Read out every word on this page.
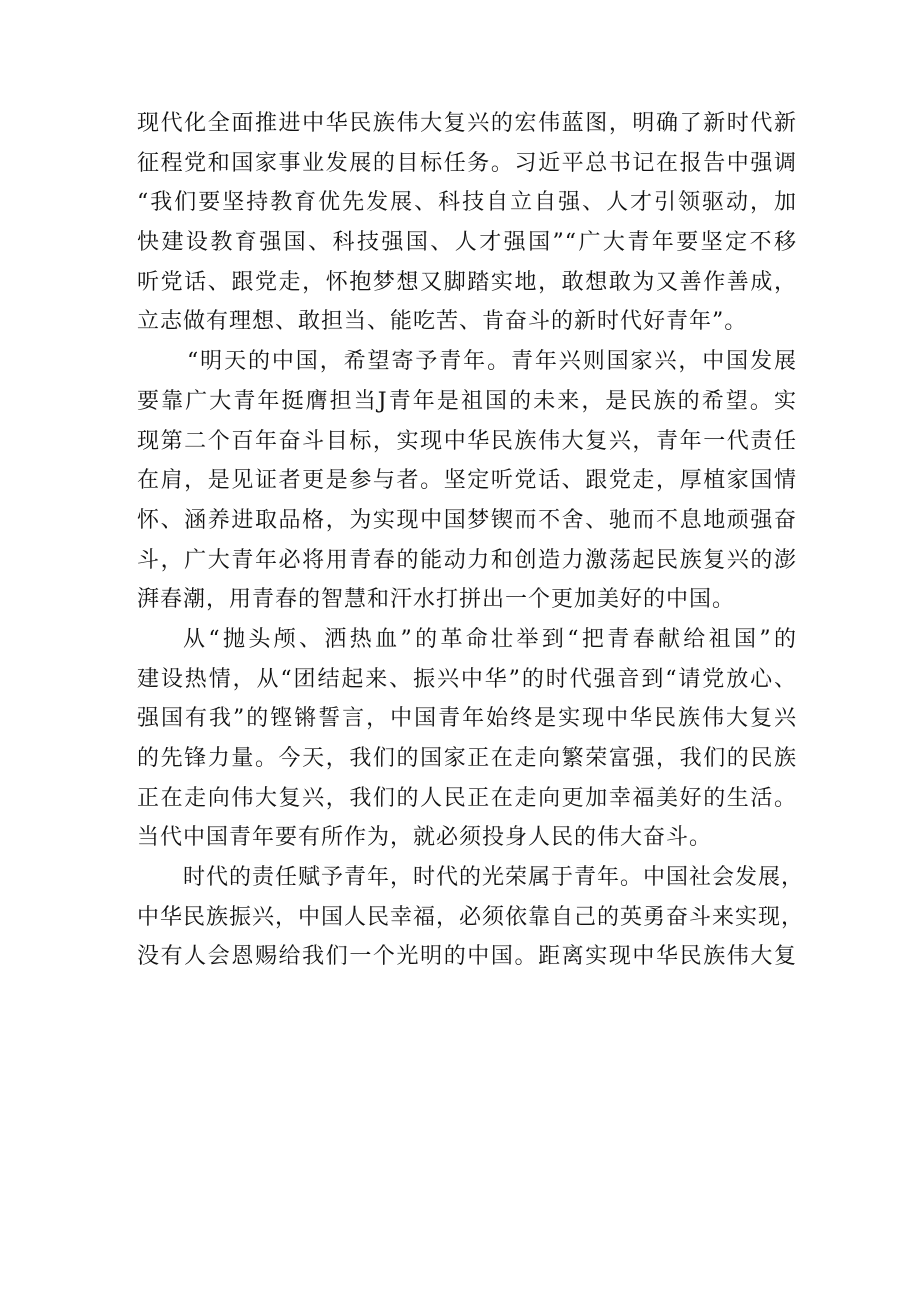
现代化全面推进中华民族伟大复兴的宏伟蓝图，明确了新时代新
征程党和国家事业发展的目标任务。习近平总书记在报告中强调
“我们要坚持教育优先发展、科技自立自强、人才引领驱动，加
快建设教育强国、科技强国、人才强国”“广大青年要坚定不移
听党话、跟党走，怀抱梦想又脚踏实地，敢想敢为又善作善成，
立志做有理想、敢担当、能吃苦、肯奋斗的新时代好青年”。
“明天的中国，希望寄予青年。青年兴则国家兴，中国发展
要靠广大青年挺膺担当J青年是祖国的未来，是民族的希望。实
现第二个百年奋斗目标，实现中华民族伟大复兴，青年一代责任
在肩，是见证者更是参与者。坚定听党话、跟党走，厚植家国情
怀、涵养进取品格，为实现中国梦锲而不舍、驰而不息地顽强奋
斗，广大青年必将用青春的能动力和创造力激荡起民族复兴的澎
湃春潮，用青春的智慧和汗水打拼出一个更加美好的中国。
从“抛头颅、洒热血”的革命壮举到“把青春献给祖国”的
建设热情，从“团结起来、振兴中华”的时代强音到“请党放心、
强国有我”的铿锵誓言，中国青年始终是实现中华民族伟大复兴
的先锋力量。今天，我们的国家正在走向繁荣富强，我们的民族
正在走向伟大复兴，我们的人民正在走向更加幸福美好的生活。
当代中国青年要有所作为，就必须投身人民的伟大奋斗。
时代的责任赋予青年，时代的光荣属于青年。中国社会发展，
中华民族振兴，中国人民幸福，必须依靠自己的英勇奋斗来实现，
没有人会恩赐给我们一个光明的中国。距离实现中华民族伟大复
